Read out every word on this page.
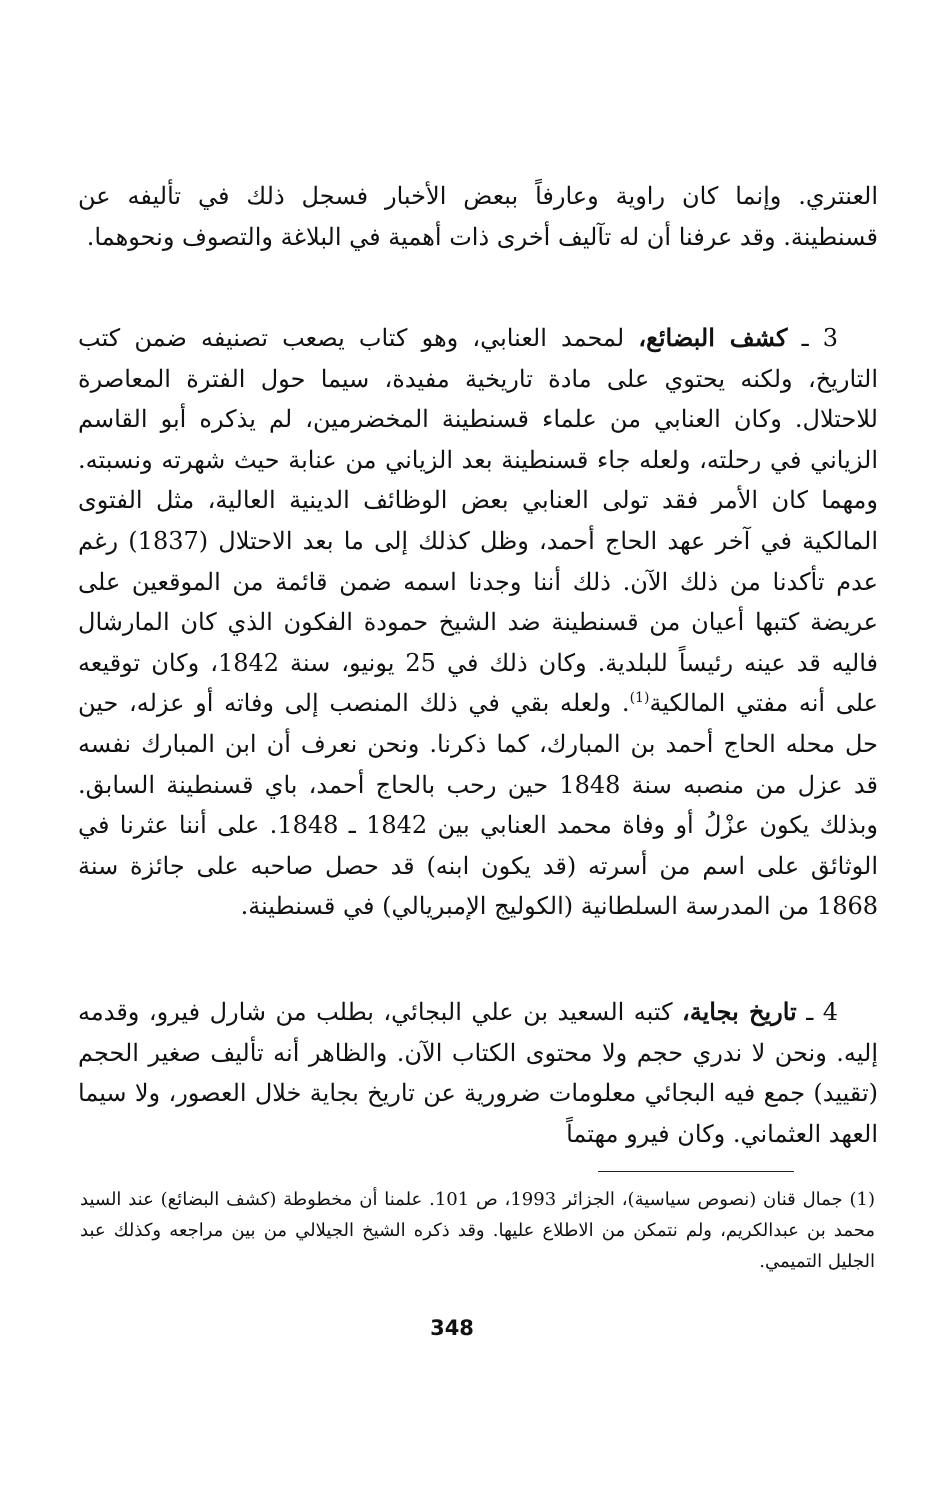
العنتري. وإنما كان راوية وعارفاً ببعض الأخبار فسجل ذلك في تأليفه عن قسنطينة. وقد عرفنا أن له تآليف أخرى ذات أهمية في البلاغة والتصوف ونحوهما.

3 ـ كشف البضائع، لمحمد العنابي، وهو كتاب يصعب تصنيفه ضمن كتب التاريخ، ولكنه يحتوي على مادة تاريخية مفيدة، سيما حول الفترة المعاصرة للاحتلال. وكان العنابي من علماء قسنطينة المخضرمين، لم يذكره أبو القاسم الزياني في رحلته، ولعله جاء قسنطينة بعد الزياني من عنابة حيث شهرته ونسبته. ومهما كان الأمر فقد تولى العنابي بعض الوظائف الدينية العالية، مثل الفتوى المالكية في آخر عهد الحاج أحمد، وظل كذلك إلى ما بعد الاحتلال (1837) رغم عدم تأكدنا من ذلك الآن. ذلك أننا وجدنا اسمه ضمن قائمة من الموقعين على عريضة كتبها أعيان من قسنطينة ضد الشيخ حمودة الفكون الذي كان المارشال فاليه قد عينه رئيساً للبلدية. وكان ذلك في 25 يونيو، سنة 1842، وكان توقيعه على أنه مفتي المالكية$^{(1)}$. ولعله بقي في ذلك المنصب إلى وفاته أو عزله، حين حل محله الحاج أحمد بن المبارك، كما ذكرنا. ونحن نعرف أن ابن المبارك نفسه قد عزل من منصبه سنة 1848 حين رحب بالحاج أحمد، باي قسنطينة السابق. وبذلك يكون عزْلُ أو وفاة محمد العنابي بين 1842 ـ 1848. على أننا عثرنا في الوثائق على اسم من أسرته (قد يكون ابنه) قد حصل صاحبه على جائزة سنة 1868 من المدرسة السلطانية (الكوليج الإمبريالي) في قسنطينة.

4 ـ تاريخ بجاية، كتبه السعيد بن علي البجائي، بطلب من شارل فيرو، وقدمه إليه. ونحن لا ندري حجم ولا محتوى الكتاب الآن. والظاهر أنه تأليف صغير الحجم (تقييد) جمع فيه البجائي معلومات ضرورية عن تاريخ بجاية خلال العصور، ولا سيما العهد العثماني. وكان فيرو مهتماً

(1) جمال قنان (نصوص سياسية)، الجزائر 1993، ص 101. علمنا أن مخطوطة (كشف البضائع) عند السيد محمد بن عبدالكريم، ولم نتمكن من الاطلاع عليها. وقد ذكره الشيخ الجيلالي من بين مراجعه وكذلك عبد الجليل التميمي.

348
